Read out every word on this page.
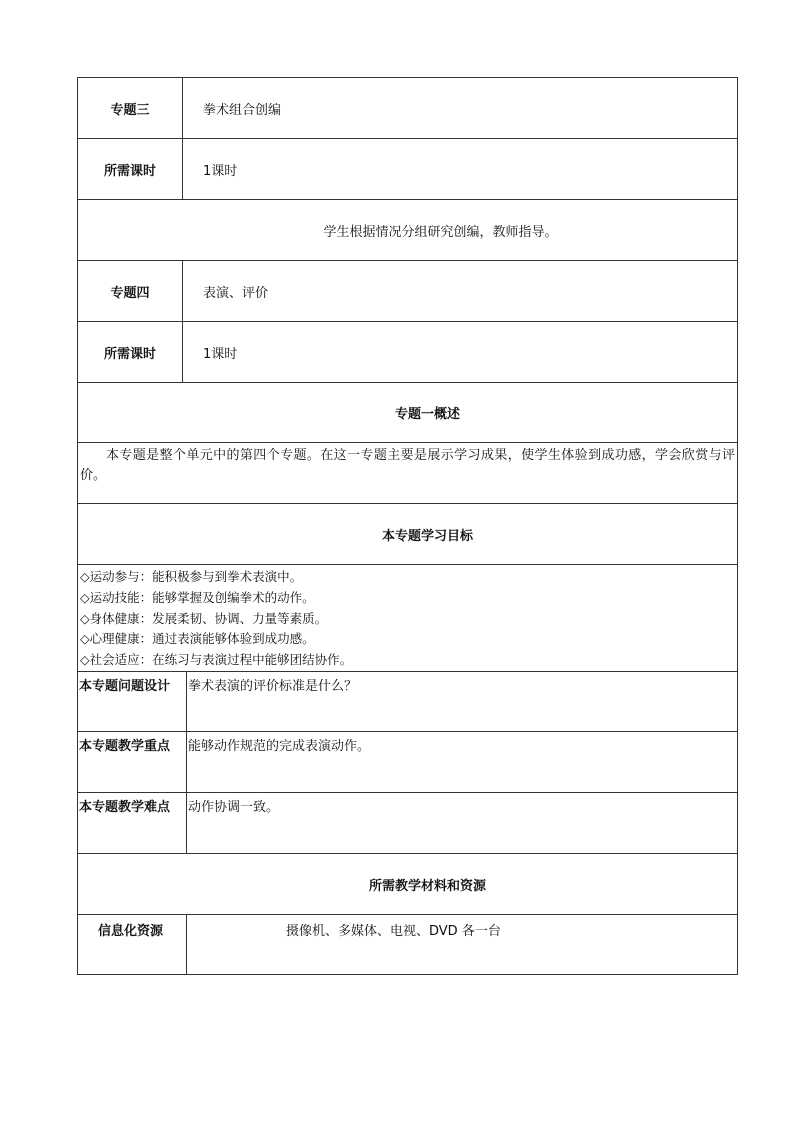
专题三	拳术组合创编
所需课时	1课时
学生根据情况分组研究创编，教师指导。
专题四	表演、评价
所需课时	1课时
专题一概述
本专题是整个单元中的第四个专题。在这一专题主要是展示学习成果，使学生体验到成功感，学会欣赏与评价。
本专题学习目标
◇运动参与：能积极参与到拳术表演中。
◇运动技能：能够掌握及创编拳术的动作。
◇身体健康：发展柔韧、协调、力量等素质。
◇心理健康：通过表演能够体验到成功感。
◇社会适应：在练习与表演过程中能够团结协作。
本专题问题设计 拳术表演的评价标准是什么？
本专题教学重点 能够动作规范的完成表演动作。
本专题教学难点 动作协调一致。
所需教学材料和资源
信息化资源	摄像机、多媒体、电视、DVD 各一台
